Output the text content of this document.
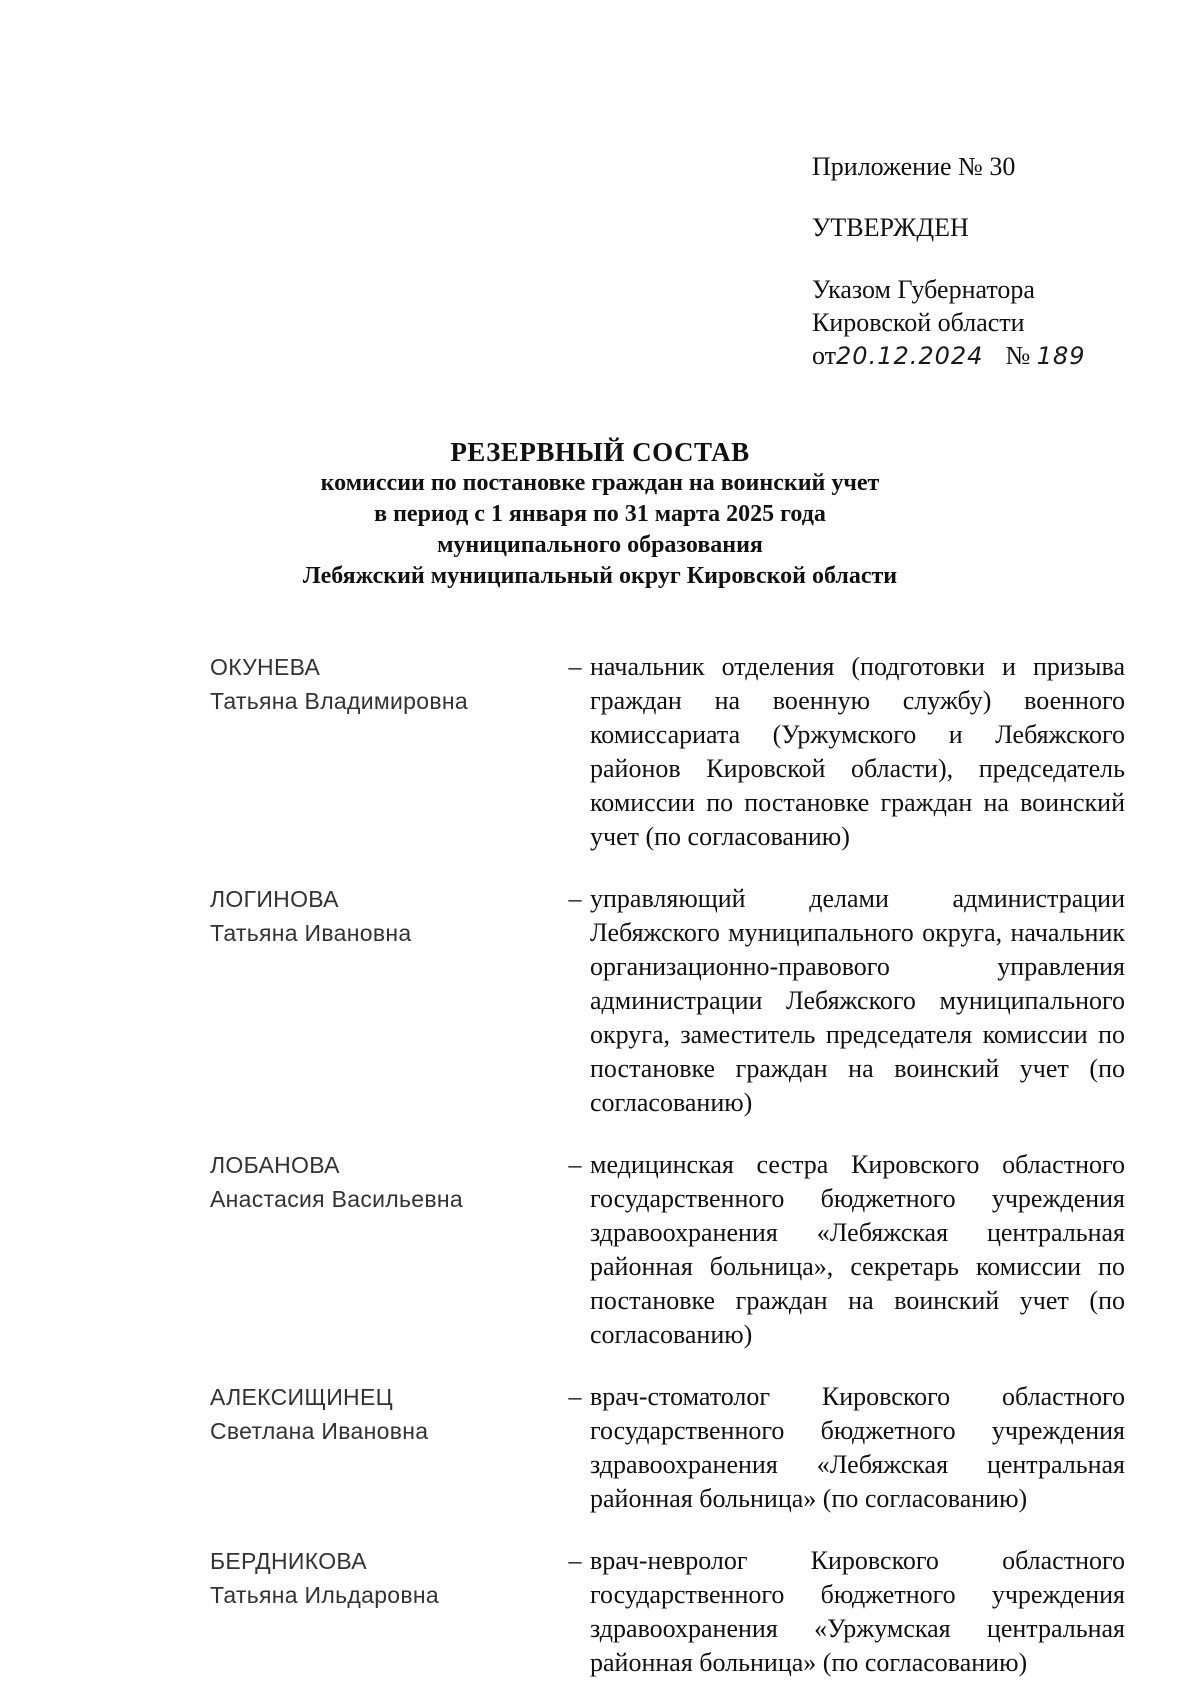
Приложение № 30
УТВЕРЖДЕН
Указом Губернатора
Кировской области
от20.12.2024 № 189
РЕЗЕРВНЫЙ СОСТАВ
комиссии по постановке граждан на воинский учет
в период с 1 января по 31 марта 2025 года
муниципального образования
Лебяжский муниципальный округ Кировской области
ОКУНЕВА
Татьяна Владимировна
– начальник отделения (подготовки и призыва граждан на военную службу) военного комиссариата (Уржумского и Лебяжского районов Кировской области), председатель комиссии по постановке граждан на воинский учет (по согласованию)
ЛОГИНОВА
Татьяна Ивановна
– управляющий делами администрации Лебяжского муниципального округа, начальник организационно-правового управления администрации Лебяжского муниципального округа, заместитель председателя комиссии по постановке граждан на воинский учет (по согласованию)
ЛОБАНОВА
Анастасия Васильевна
– медицинская сестра Кировского областного государственного бюджетного учреждения здравоохранения «Лебяжская центральная районная больница», секретарь комиссии по постановке граждан на воинский учет (по согласованию)
АЛЕКСИЩИНЕЦ
Светлана Ивановна
– врач-стоматолог Кировского областного государственного бюджетного учреждения здравоохранения «Лебяжская центральная районная больница» (по согласованию)
БЕРДНИКОВА
Татьяна Ильдаровна
– врач-невролог Кировского областного государственного бюджетного учреждения здравоохранения «Уржумская центральная районная больница» (по согласованию)
